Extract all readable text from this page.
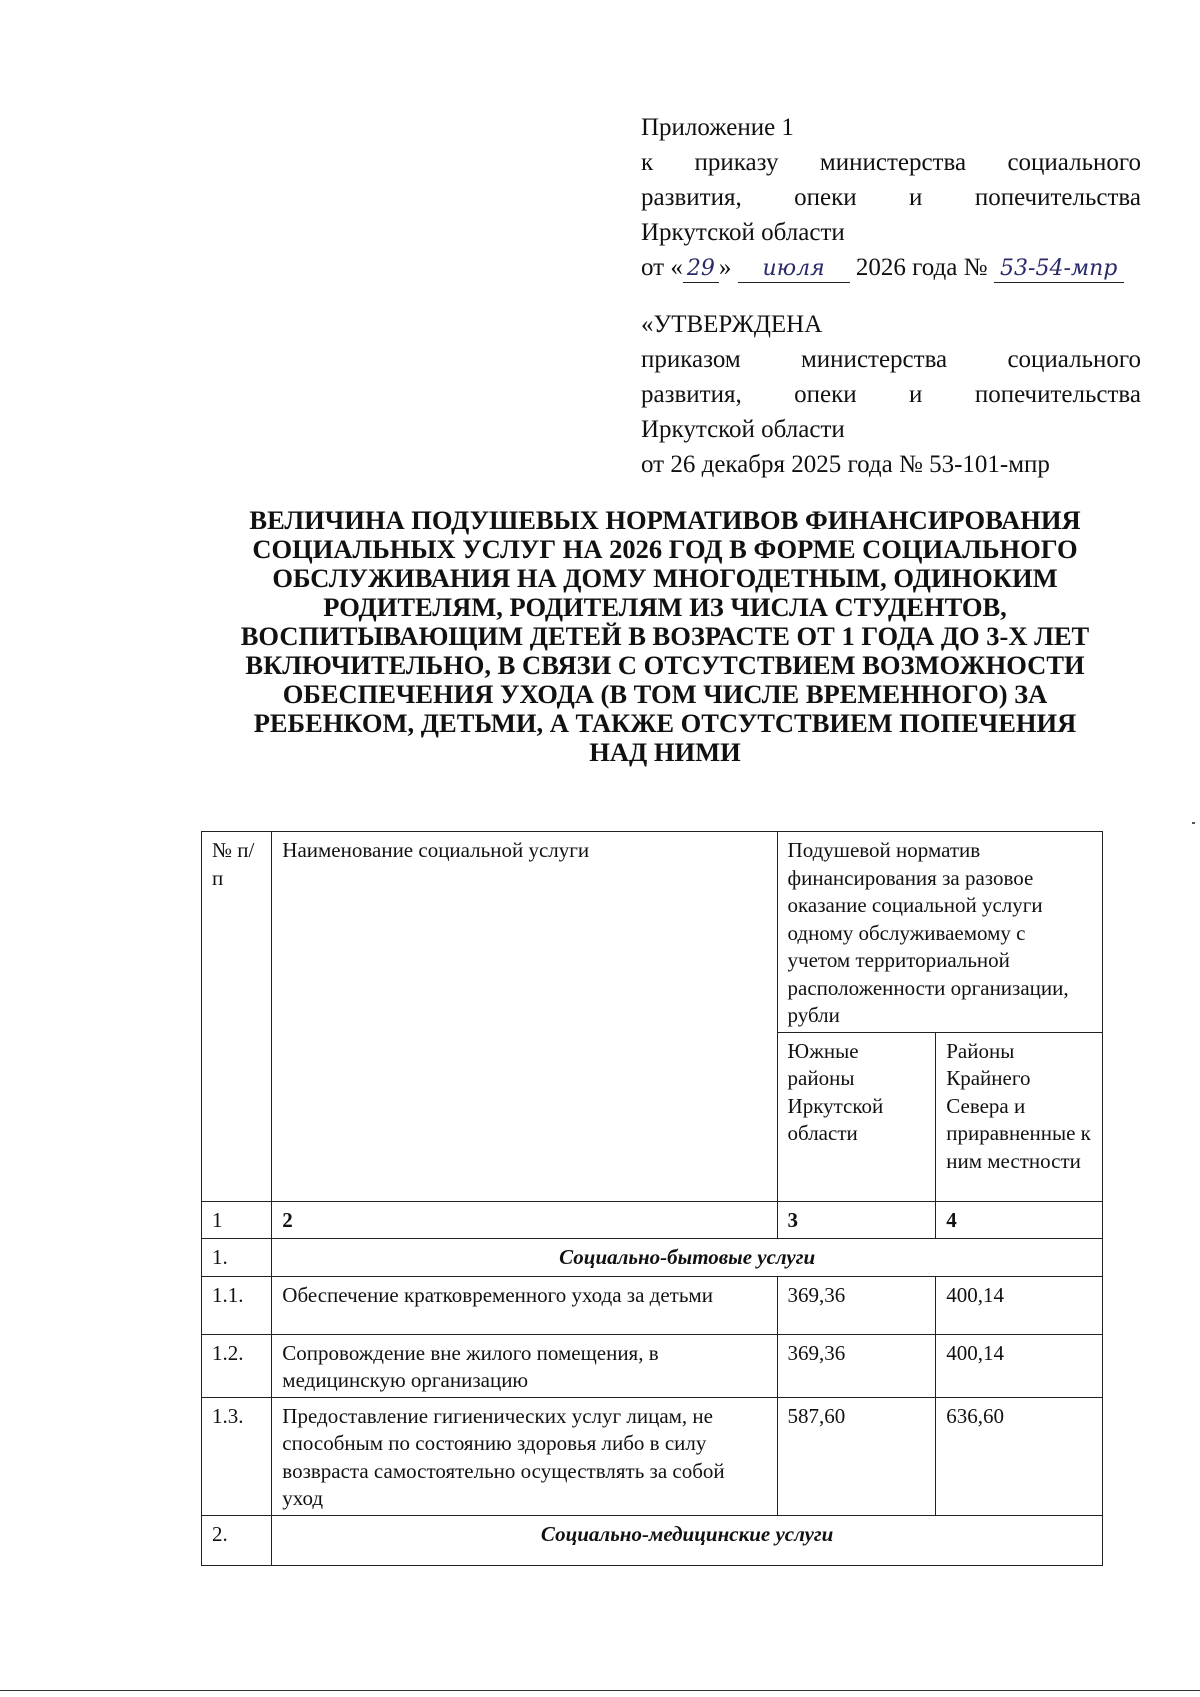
Приложение 1

к приказу министерства социального

развития, опеки и попечительства

Иркутской области

от « 29 » июля 2026 года № 53-54-мпр

«УТВЕРЖДЕНА

приказом министерства социального

развития, опеки и попечительства

Иркутской области

от 26 декабря 2025 года № 53-101-мпр

ВЕЛИЧИНА ПОДУШЕВЫХ НОРМАТИВОВ ФИНАНСИРОВАНИЯ
СОЦИАЛЬНЫХ УСЛУГ НА 2026 ГОД В ФОРМЕ СОЦИАЛЬНОГО
ОБСЛУЖИВАНИЯ НА ДОМУ МНОГОДЕТНЫМ, ОДИНОКИМ
РОДИТЕЛЯМ, РОДИТЕЛЯМ ИЗ ЧИСЛА СТУДЕНТОВ,
ВОСПИТЫВАЮЩИМ ДЕТЕЙ В ВОЗРАСТЕ ОТ 1 ГОДА ДО 3-Х ЛЕТ
ВКЛЮЧИТЕЛЬНО, В СВЯЗИ С ОТСУТСТВИЕМ ВОЗМОЖНОСТИ
ОБЕСПЕЧЕНИЯ УХОДА (В ТОМ ЧИСЛЕ ВРЕМЕННОГО) ЗА
РЕБЕНКОМ, ДЕТЬМИ, А ТАКЖЕ ОТСУТСТВИЕМ ПОПЕЧЕНИЯ
НАД НИМИ
№ п/п	Наименование социальной услуги	Подушевой норматив финансирования за разовое оказание социальной услуги одному обслуживаемому с учетом территориальной расположенности организации, рубли	
		Южные районы Иркутской области	Районы Крайнего Севера и приравненные к ним местности
1	2	3	4
1.	Социально-бытовые услуги		
1.1.	Обеспечение кратковременного ухода за детьми	369,36	400,14
1.2.	Сопровождение вне жилого помещения, в медицинскую организацию	369,36	400,14
1.3.	Предоставление гигиенических услуг лицам, не способным по состоянию здоровья либо в силу возвраста самостоятельно осуществлять за собой уход	587,60	636,60
2.	Социально-медицинские услуги		
